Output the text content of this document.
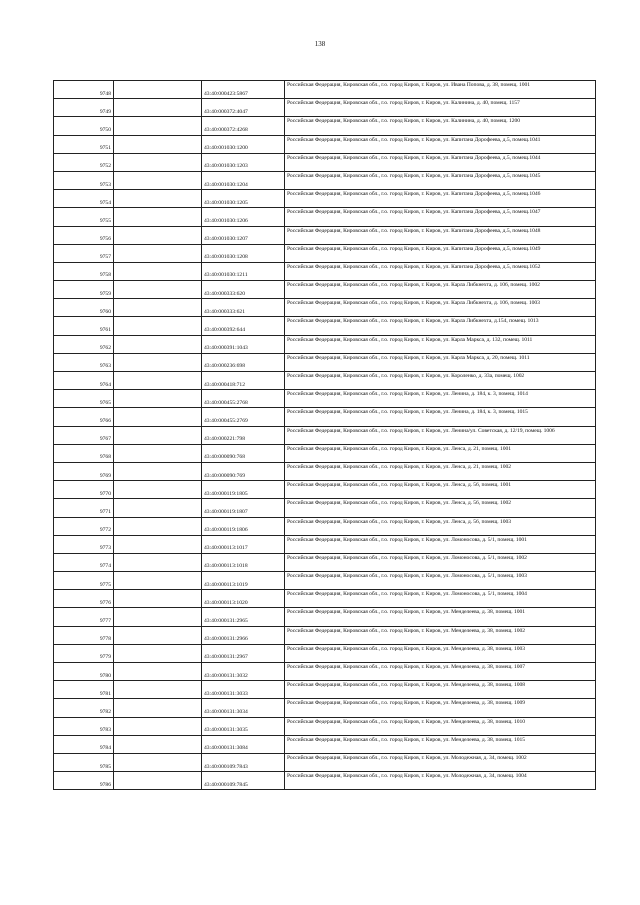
138
9748		43:40:000423:5867	Российская Федерация, Кировская обл., г.о. город Киров, г. Киров, ул. Ивана Попова, д. 38, помещ. 1001
9749		43:40:000372:4047	Российская Федерация, Кировская обл., г.о. город Киров, г. Киров, ул. Калинина, д. 40, помещ. 1157
9750		43:40:000372:4268	Российская Федерация, Кировская обл., г.о. город Киров, г. Киров, ул. Калинина, д. 40, помещ. 1200
9751		43:40:001030:1200	Российская Федерация, Кировская обл., г.о. город Киров, г. Киров, ул. Капитана Дорофеева, д.5, помещ.1041
9752		43:40:001030:1203	Российская Федерация, Кировская обл., г.о. город Киров, г. Киров, ул. Капитана Дорофеева, д.5, помещ.1044
9753		43:40:001030:1204	Российская Федерация, Кировская обл., г.о. город Киров, г. Киров, ул. Капитана Дорофеева, д.5, помещ.1045
9754		43:40:001030:1205	Российская Федерация, Кировская обл., г.о. город Киров, г. Киров, ул. Капитана Дорофеева, д.5, помещ.1046
9755		43:40:001030:1206	Российская Федерация, Кировская обл., г.о. город Киров, г. Киров, ул. Капитана Дорофеева, д.5, помещ.1047
9756		43:40:001030:1207	Российская Федерация, Кировская обл., г.о. город Киров, г. Киров, ул. Капитана Дорофеева, д.5, помещ.1048
9757		43:40:001030:1208	Российская Федерация, Кировская обл., г.о. город Киров, г. Киров, ул. Капитана Дорофеева, д.5, помещ.1049
9758		43:40:001030:1211	Российская Федерация, Кировская обл., г.о. город Киров, г. Киров, ул. Капитана Дорофеева, д.5, помещ.1052
9759		43:40:000333:620	Российская Федерация, Кировская обл., г.о. город Киров, г. Киров, ул. Карла Либкнехта, д. 106, помещ. 1002
9760		43:40:000333:621	Российская Федерация, Кировская обл., г.о. город Киров, г. Киров, ул. Карла Либкнехта, д. 106, помещ. 1003
9761		43:40:000392:644	Российская Федерация, Кировская обл., г.о. город Киров, г. Киров, ул. Карла Либкнехта, д.154, помещ. 1013
9762		43:40:000391:1043	Российская Федерация, Кировская обл., г.о. город Киров, г. Киров, ул. Карла Маркса, д. 132, помещ. 1011
9763		43:40:000236:698	Российская Федерация, Кировская обл., г.о. город Киров, г. Киров, ул. Карла Маркса, д. 20, помещ. 1011
9764		43:40:000418:712	Российская Федерация, Кировская обл., г.о. город Киров, г. Киров, ул. Короленко, д. 33а, помещ. 1002
9765		43:40:000455:2768	Российская Федерация, Кировская обл., г.о. город Киров, г. Киров, ул. Ленина, д. 184, к. 3, помещ. 1014
9766		43:40:000455:2769	Российская Федерация, Кировская обл., г.о. город Киров, г. Киров, ул. Ленина, д. 184, к. 3, помещ. 1015
9767		43:40:000221:798	Российская Федерация, Кировская обл., г.о. город Киров, г. Киров, ул. Ленина/ул. Советская, д. 12/19, помещ. 1006
9768		43:40:000090:768	Российская Федерация, Кировская обл., г.о. город Киров, г. Киров, ул. Ленса, д. 21, помещ. 1001
9769		43:40:000090:769	Российская Федерация, Кировская обл., г.о. город Киров, г. Киров, ул. Ленса, д. 21, помещ. 1002
9770		43:40:000119:1805	Российская Федерация, Кировская обл., г.о. город Киров, г. Киров, ул. Ленса, д. 56, помещ. 1001
9771		43:40:000119:1807	Российская Федерация, Кировская обл., г.о. город Киров, г. Киров, ул. Ленса, д. 56, помещ. 1002
9772		43:40:000119:1806	Российская Федерация, Кировская обл., г.о. город Киров, г. Киров, ул. Ленса, д. 56, помещ. 1003
9773		43:40:000113:1017	Российская Федерация, Кировская обл., г.о. город Киров, г. Киров, ул. Ломоносова, д. 5/1, помещ. 1001
9774		43:40:000113:1018	Российская Федерация, Кировская обл., г.о. город Киров, г. Киров, ул. Ломоносова, д. 5/1, помещ. 1002
9775		43:40:000113:1019	Российская Федерация, Кировская обл., г.о. город Киров, г. Киров, ул. Ломоносова, д. 5/1, помещ. 1003
9776		43:40:000113:1020	Российская Федерация, Кировская обл., г.о. город Киров, г. Киров, ул. Ломоносова, д. 5/1, помещ. 1004
9777		43:40:000131:2965	Российская Федерация, Кировская обл., г.о. город Киров, г. Киров, ул. Менделеева, д. 38, помещ. 1001
9778		43:40:000131:2966	Российская Федерация, Кировская обл., г.о. город Киров, г. Киров, ул. Менделеева, д. 38, помещ. 1002
9779		43:40:000131:2967	Российская Федерация, Кировская обл., г.о. город Киров, г. Киров, ул. Менделеева, д. 38, помещ. 1003
9780		43:40:000131:3032	Российская Федерация, Кировская обл., г.о. город Киров, г. Киров, ул. Менделеева, д. 38, помещ. 1007
9781		43:40:000131:3033	Российская Федерация, Кировская обл., г.о. город Киров, г. Киров, ул. Менделеева, д. 38, помещ. 1008
9782		43:40:000131:3034	Российская Федерация, Кировская обл., г.о. город Киров, г. Киров, ул. Менделеева, д. 38, помещ. 1009
9783		43:40:000131:3035	Российская Федерация, Кировская обл., г.о. город Киров, г. Киров, ул. Менделеева, д. 38, помещ. 1010
9784		43:40:000131:3084	Российская Федерация, Кировская обл., г.о. город Киров, г. Киров, ул. Менделеева, д. 38, помещ. 1015
9785		43:40:000109:7843	Российская Федерация, Кировская обл., г.о. город Киров, г. Киров, ул. Молодежная, д. 34, помещ. 1002
9786		43:40:000109:7845	Российская Федерация, Кировская обл., г.о. город Киров, г. Киров, ул. Молодежная, д. 34, помещ. 1004
